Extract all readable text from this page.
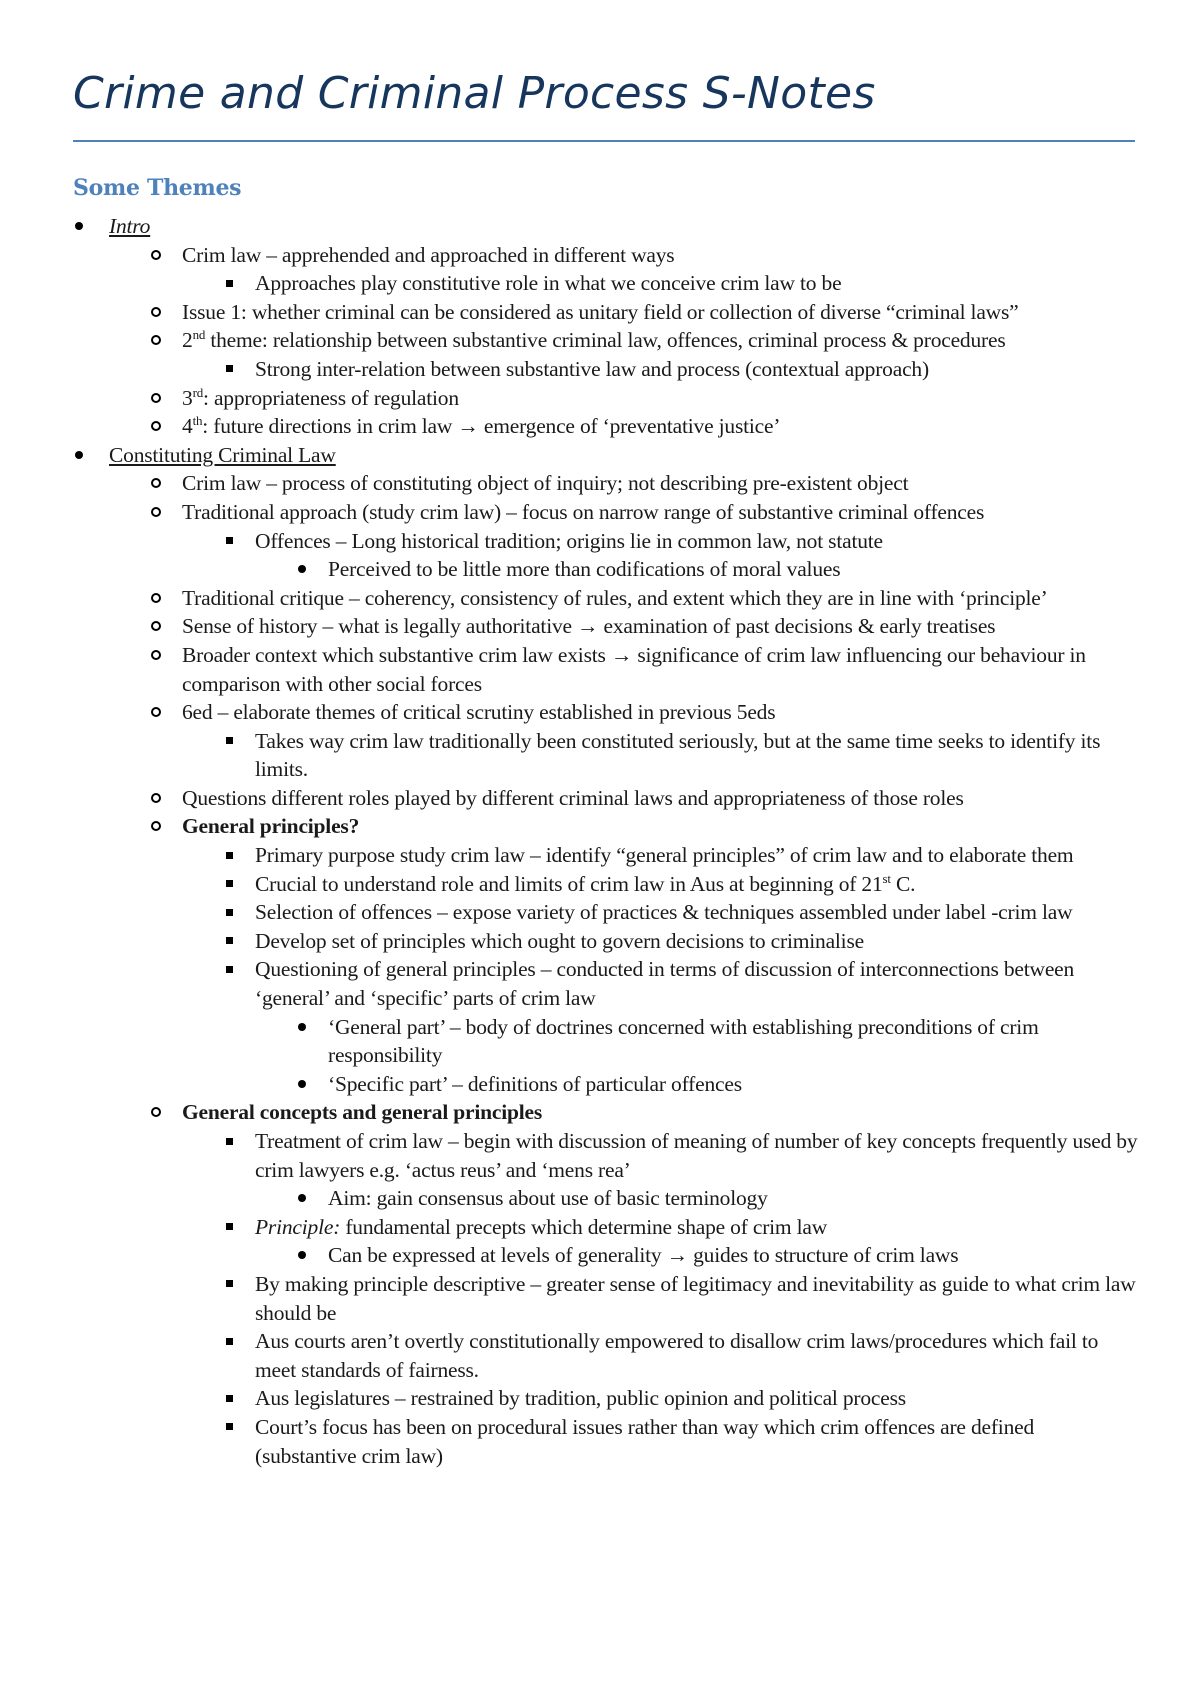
Crime and Criminal Process S-Notes
Some Themes
Intro
Crim law – apprehended and approached in different ways
Approaches play constitutive role in what we conceive crim law to be
Issue 1: whether criminal can be considered as unitary field or collection of diverse “criminal laws”
2nd theme: relationship between substantive criminal law, offences, criminal process & procedures
Strong inter-relation between substantive law and process (contextual approach)
3rd: appropriateness of regulation
4th: future directions in crim law → emergence of ‘preventative justice’
Constituting Criminal Law
Crim law – process of constituting object of inquiry; not describing pre-existent object
Traditional approach (study crim law) – focus on narrow range of substantive criminal offences
Offences – Long historical tradition; origins lie in common law, not statute
Perceived to be little more than codifications of moral values
Traditional critique – coherency, consistency of rules, and extent which they are in line with ‘principle’
Sense of history – what is legally authoritative → examination of past decisions & early treatises
Broader context which substantive crim law exists → significance of crim law influencing our behaviour in comparison with other social forces
6ed – elaborate themes of critical scrutiny established in previous 5eds
Takes way crim law traditionally been constituted seriously, but at the same time seeks to identify its limits.
Questions different roles played by different criminal laws and appropriateness of those roles
General principles?
Primary purpose study crim law – identify “general principles” of crim law and to elaborate them
Crucial to understand role and limits of crim law in Aus at beginning of 21st C.
Selection of offences – expose variety of practices & techniques assembled under label -crim law
Develop set of principles which ought to govern decisions to criminalise
Questioning of general principles – conducted in terms of discussion of interconnections between ‘general’ and ‘specific’ parts of crim law
‘General part’ – body of doctrines concerned with establishing preconditions of crim responsibility
‘Specific part’ – definitions of particular offences
General concepts and general principles
Treatment of crim law – begin with discussion of meaning of number of key concepts frequently used by crim lawyers e.g. ‘actus reus’ and ‘mens rea’
Aim: gain consensus about use of basic terminology
Principle: fundamental precepts which determine shape of crim law
Can be expressed at levels of generality → guides to structure of crim laws
By making principle descriptive – greater sense of legitimacy and inevitability as guide to what crim law should be
Aus courts aren’t overtly constitutionally empowered to disallow crim laws/procedures which fail to meet standards of fairness.
Aus legislatures – restrained by tradition, public opinion and political process
Court’s focus has been on procedural issues rather than way which crim offences are defined (substantive crim law)
